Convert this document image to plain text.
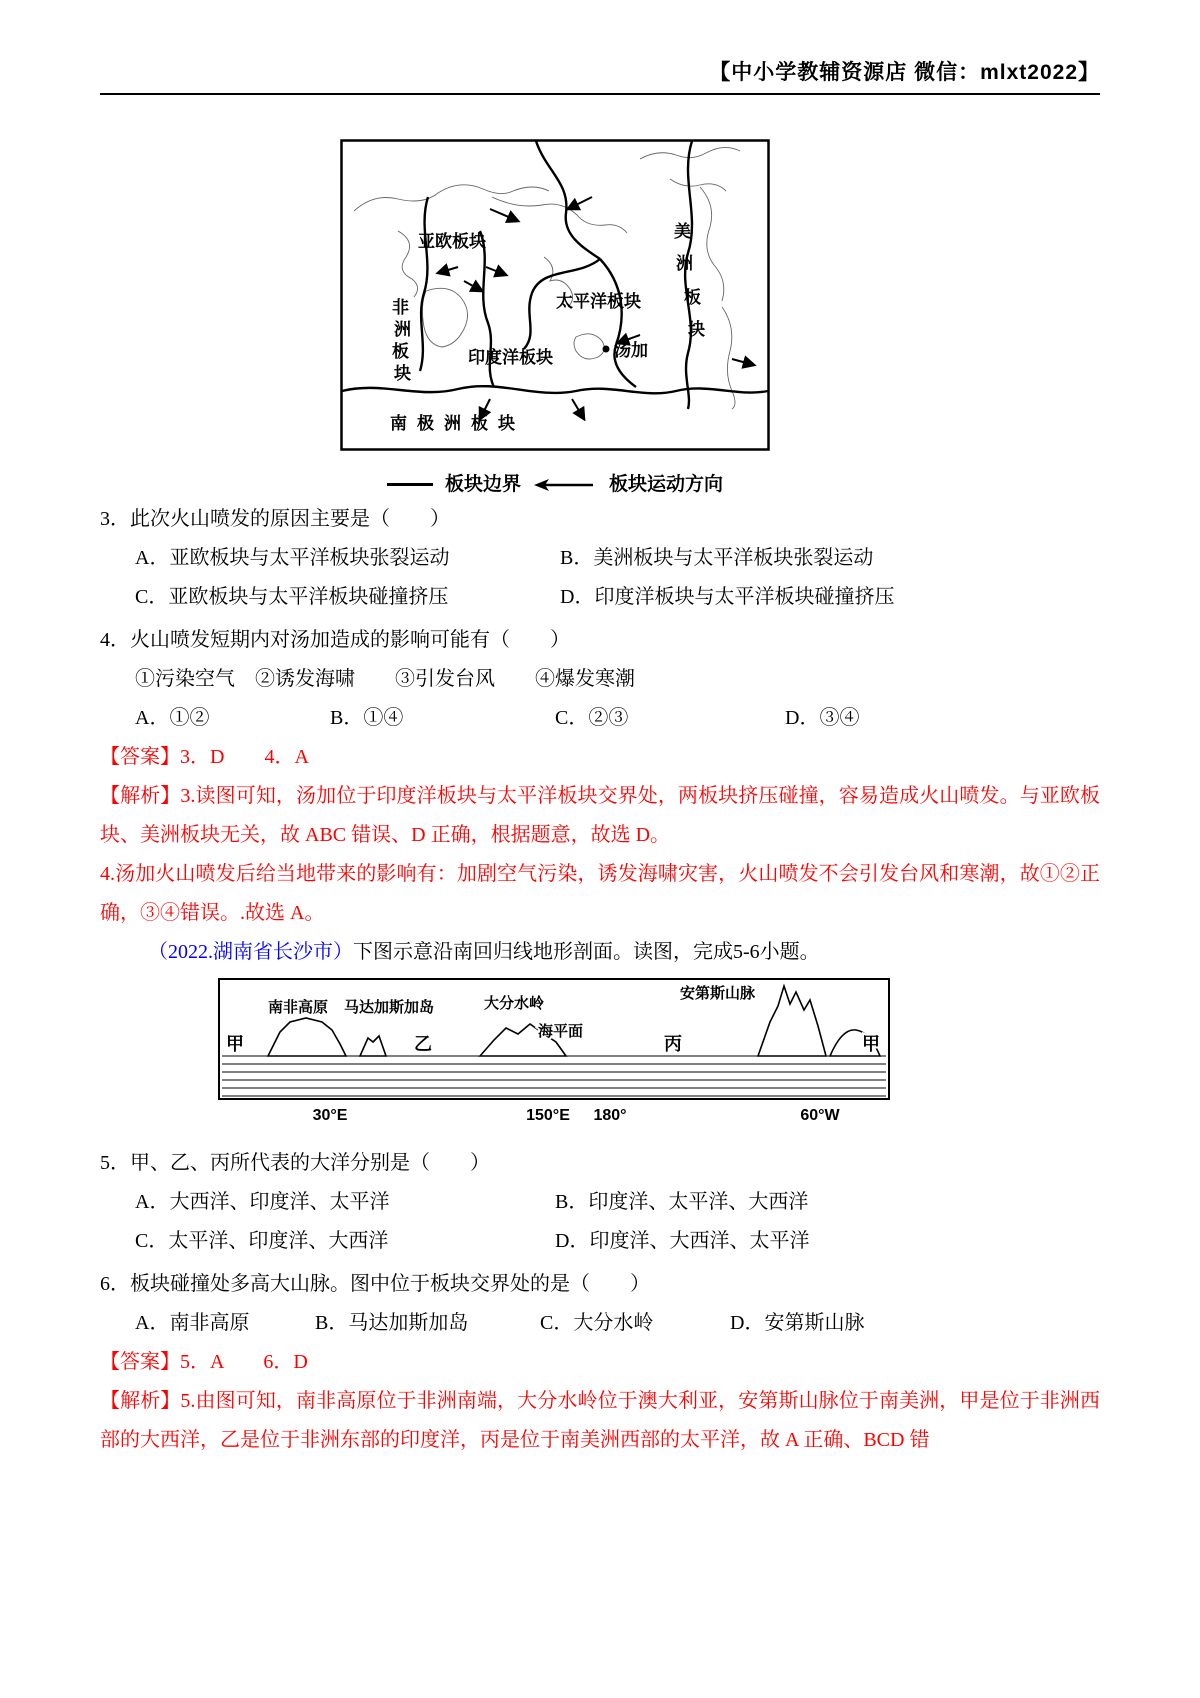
【中小学教辅资源店 微信：mlxt2022】
亚欧板块
太平洋板块
印度洋板块
南极洲板块
美
洲
板
块
非
洲
板
块
汤加
板块边界	板块运动方向

3．此次火山喷发的原因主要是（　　）

A．亚欧板块与太平洋板块张裂运动	B．美洲板块与太平洋板块张裂运动
C．亚欧板块与太平洋板块碰撞挤压	D．印度洋板块与太平洋板块碰撞挤压

4．火山喷发短期内对汤加造成的影响可能有（　　）

①污染空气　②诱发海啸　　③引发台风　　④爆发寒潮
A．①②	B．①④	C．②③	D．③④

【答案】3．D　　4．A

【解析】3.读图可知，汤加位于印度洋板块与太平洋板块交界处，两板块挤压碰撞，容易造成火山喷发。与亚欧板块、美洲板块无关，故 ABC 错误、D 正确，根据题意，故选 D。

4.汤加火山喷发后给当地带来的影响有：加剧空气污染，诱发海啸灾害，火山喷发不会引发台风和寒潮，故①②正确，③④错误。.故选 A。

（2022.湖南省长沙市）下图示意沿南回归线地形剖面。读图，完成5-6小题。

南非高原 马达加斯加岛	大分水岭
海平面
安第斯山脉
甲	乙	丙	甲
30°E	150°E 180°	60°W

5．甲、乙、丙所代表的大洋分别是（　　）

A．大西洋、印度洋、太平洋	B．印度洋、太平洋、大西洋
C．太平洋、印度洋、大西洋	D．印度洋、大西洋、太平洋

6．板块碰撞处多高大山脉。图中位于板块交界处的是（　　）

A．南非高原	B．马达加斯加岛	C．大分水岭	D．安第斯山脉

【答案】5．A　　6．D

【解析】5.由图可知，南非高原位于非洲南端，大分水岭位于澳大利亚，安第斯山脉位于南美洲，甲是位于非洲西部的大西洋，乙是位于非洲东部的印度洋，丙是位于南美洲西部的太平洋，故 A 正确、BCD 错
